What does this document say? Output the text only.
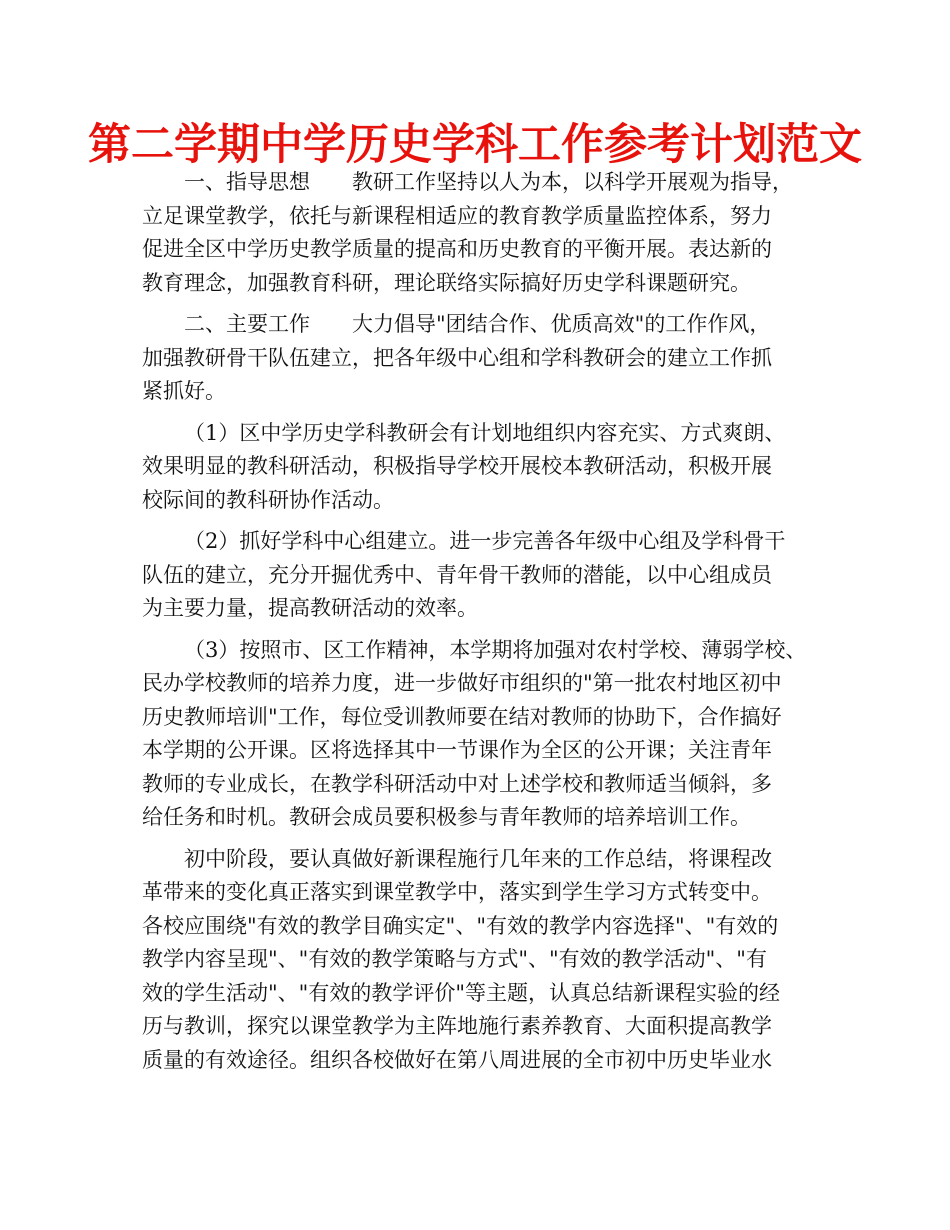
第二学期中学历史学科工作参考计划范文
一、指导思想 教研工作坚持以人为本，以科学开展观为指导，
立足课堂教学，依托与新课程相适应的教育教学质量监控体系，努力
促进全区中学历史教学质量的提高和历史教育的平衡开展。表达新的
教育理念，加强教育科研，理论联络实际搞好历史学科课题研究。
二、主要工作 大力倡导"团结合作、优质高效"的工作作风，
加强教研骨干队伍建立，把各年级中心组和学科教研会的建立工作抓
紧抓好。
（1）区中学历史学科教研会有计划地组织内容充实、方式爽朗、
效果明显的教科研活动，积极指导学校开展校本教研活动，积极开展
校际间的教科研协作活动。
（2）抓好学科中心组建立。进一步完善各年级中心组及学科骨干
队伍的建立，充分开掘优秀中、青年骨干教师的潜能，以中心组成员
为主要力量，提高教研活动的效率。
（3）按照市、区工作精神，本学期将加强对农村学校、薄弱学校、
民办学校教师的培养力度，进一步做好市组织的"第一批农村地区初中
历史教师培训"工作，每位受训教师要在结对教师的协助下，合作搞好
本学期的公开课。区将选择其中一节课作为全区的公开课；关注青年
教师的专业成长，在教学科研活动中对上述学校和教师适当倾斜，多
给任务和时机。教研会成员要积极参与青年教师的培养培训工作。
初中阶段，要认真做好新课程施行几年来的工作总结，将课程改
革带来的变化真正落实到课堂教学中，落实到学生学习方式转变中。
各校应围绕"有效的教学目确实定"、"有效的教学内容选择"、"有效的
教学内容呈现"、"有效的教学策略与方式"、"有效的教学活动"、"有
效的学生活动"、"有效的教学评价"等主题，认真总结新课程实验的经
历与教训，探究以课堂教学为主阵地施行素养教育、大面积提高教学
质量的有效途径。组织各校做好在第八周进展的全市初中历史毕业水
